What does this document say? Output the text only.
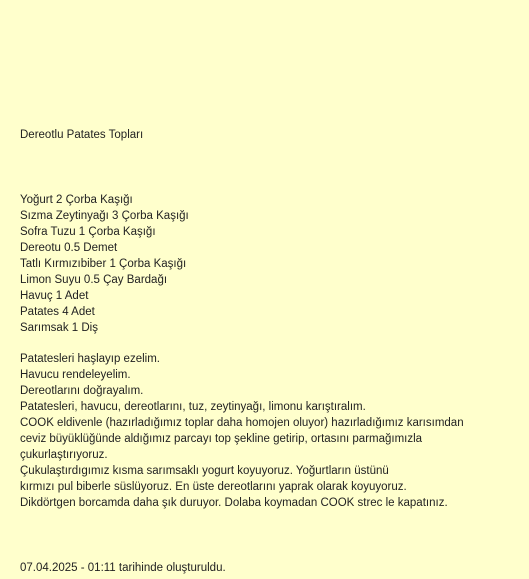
Dereotlu Patates Topları
Yoğurt 2 Çorba Kaşığı
Sızma Zeytinyağı 3 Çorba Kaşığı
Sofra Tuzu 1 Çorba Kaşığı
Dereotu 0.5 Demet
Tatlı Kırmızıbiber 1 Çorba Kaşığı
Limon Suyu 0.5 Çay Bardağı
Havuç 1 Adet
Patates 4 Adet
Sarımsak 1 Diş
Patatesleri haşlayıp ezelim.
Havucu rendeleyelim.
Dereotlarını doğrayalım.
Patatesleri, havucu, dereotlarını, tuz, zeytinyağı, limonu karıştıralım.
COOK eldivenle (hazırladığımız toplar daha homojen oluyor) hazırladığımız karısımdan
ceviz büyüklüğünde aldığımız parcayı top şekline getirip, ortasını parmağımızla
çukurlaştırıyoruz.
Çukulaştırdıgımız kısma sarımsaklı yogurt koyuyoruz. Yoğurtların üstünü
kırmızı pul biberle süslüyoruz. En üste dereotlarını yaprak olarak koyuyoruz.
Dikdörtgen borcamda daha şık duruyor. Dolaba koymadan COOK strec le kapatınız.
07.04.2025 - 01:11 tarihinde oluşturuldu.
